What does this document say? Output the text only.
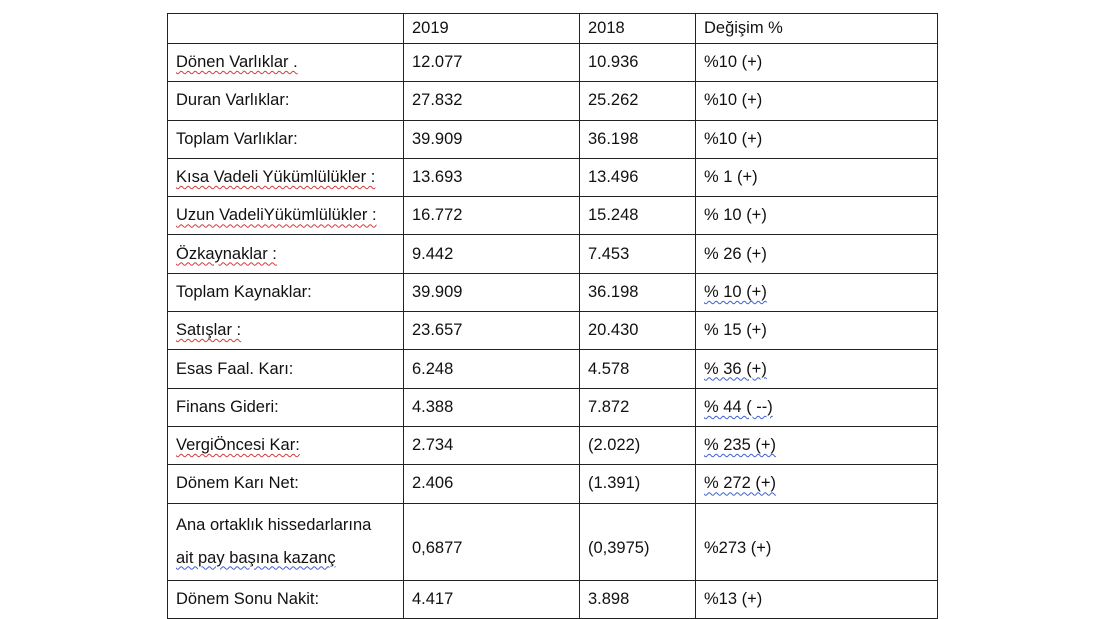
	2019	2018	Değişim %
Dönen Varlıklar .	12.077	10.936	%10 (+)
Duran Varlıklar:	27.832	25.262	%10 (+)
Toplam Varlıklar:	39.909	36.198	%10 (+)
Kısa Vadeli Yükümlülükler :	13.693	13.496	% 1 (+)
Uzun VadeliYükümlülükler :	16.772	15.248	% 10 (+)
Özkaynaklar :	9.442	7.453	% 26 (+)
Toplam Kaynaklar:	39.909	36.198	% 10 (+)
Satışlar :	23.657	20.430	% 15 (+)
Esas Faal. Karı:	6.248	4.578	% 36 (+)
Finans Gideri:	4.388	7.872	% 44 ( --)
VergiÖncesi Kar:	2.734	(2.022)	% 235 (+)
Dönem Karı Net:	2.406	(1.391)	% 272 (+)
Ana ortaklık hissedarlarına
ait pay başına kazanç	0,6877	(0,3975)	%273 (+)

Dönem Sonu Nakit:	4.417	3.898	%13 (+)
